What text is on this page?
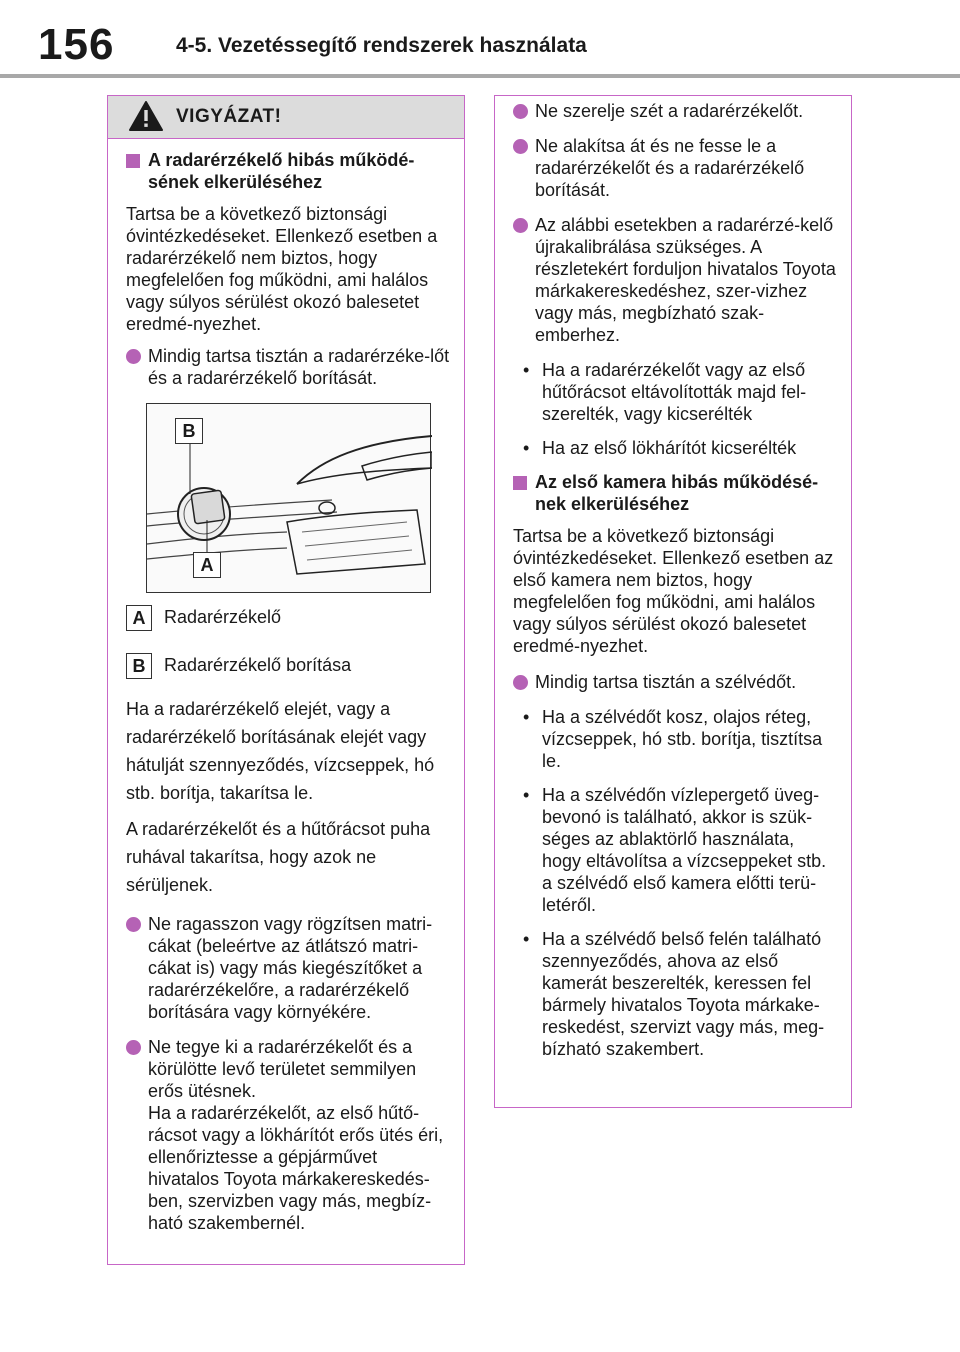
156	4-5. Vezetéssegítő rendszerek használata
VIGYÁZAT!
A radarérzékelő hibás működé-sének elkerüléséhez

Tartsa be a következő biztonsági óvintézkedéseket. Ellenkező esetben a radarérzékelő nem biztos, hogy megfelelően fog működni, ami halálos vagy súlyos sérülést okozó balesetet eredmé-nyezhet.

Mindig tartsa tisztán a radarérzéke-lőt és a radarérzékelő borítását.
B
A
A	Radarérzékelő
B	Radarérzékelő borítása

Ha a radarérzékelő elejét, vagy a radarérzékelő borításának elejét vagy hátulját szennyeződés, vízcseppek, hó stb. borítja, takarítsa le.

A radarérzékelőt és a hűtőrácsot puha ruhával takarítsa, hogy azok ne sérüljenek.

Ne ragasszon vagy rögzítsen matri-cákat (beleértve az átlátszó matri-cákat is) vagy más kiegészítőket a radarérzékelőre, a radarérzékelő borítására vagy környékére.
Ne tegye ki a radarérzékelőt és a körülötte levő területet semmilyen erős ütésnek.
Ha a radarérzékelőt, az első hűtő-rácsot vagy a lökhárítót erős ütés éri, ellenőriztesse a gépjárművet hivatalos Toyota márkakereskedés-ben, szervizben vagy más, megbíz-ható szakembernél.
Ne szerelje szét a radarérzékelőt.
Ne alakítsa át és ne fesse le a radarérzékelőt és a radarérzékelő borítását.
Az alábbi esetekben a radarérzé-kelő újrakalibrálása szükséges. A részletekért forduljon hivatalos Toyota márkakereskedéshez, szer-vizhez vagy más, megbízható szak-emberhez.
• Ha a radarérzékelőt vagy az első hűtőrácsot eltávolították majd fel-szerelték, vagy kicserélték
• Ha az első lökhárítót kicserélték
Az első kamera hibás működésé-nek elkerüléséhez

Tartsa be a következő biztonsági óvintézkedéseket. Ellenkező esetben az első kamera nem biztos, hogy megfelelően fog működni, ami halálos vagy súlyos sérülést okozó balesetet eredmé-nyezhet.

Mindig tartsa tisztán a szélvédőt.
• Ha a szélvédőt kosz, olajos réteg, vízcseppek, hó stb. borítja, tisztítsa le.
• Ha a szélvédőn vízlepergető üveg-bevonó is található, akkor is szük-séges az ablaktörlő használata, hogy eltávolítsa a vízcseppeket stb. a szélvédő első kamera előtti terü-letéről.
• Ha a szélvédő belső felén található szennyeződés, ahova az első kamerát beszerelték, keressen fel bármely hivatalos Toyota márkake-reskedést, szervizt vagy más, meg-bízható szakembert.
